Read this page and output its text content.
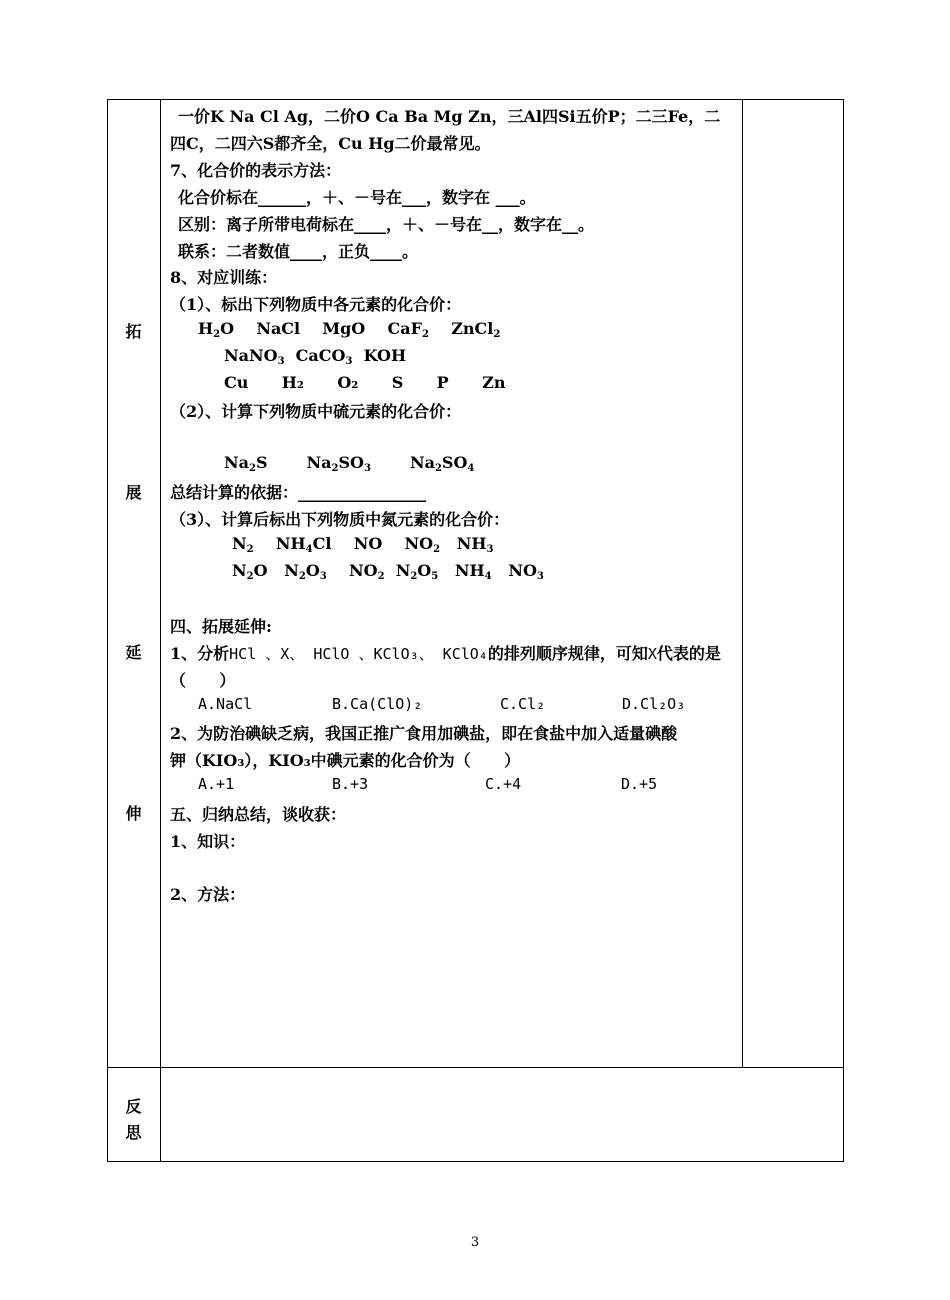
拓
展
延
伸
反
思
一价K Na Cl Ag，二价O Ca Ba Mg Zn，三Al四Si五价P；二三Fe，二
四C，二四六S都齐全，Cu Hg二价最常见。
7、化合价的表示方法：
化合价标在______，＋、－号在___，数字在 ___。
区别：离子所带电荷标在____，＋、－号在__，数字在__。
联系：二者数值____，正负____。
8、对应训练：
（1）、标出下列物质中各元素的化合价：
$H_2O$    NaCl    MgO    CaF$_2$    ZnCl$_2$
NaNO$_3$  CaCO$_3$  KOH
Cu      H₂      O₂      S      P      Zn
（2）、计算下列物质中硫元素的化合价：
$Na_2S$       $Na_2SO_3$       $Na_2SO_4$
总结计算的依据：________________
（3）、计算后标出下列物质中氮元素的化合价：
$N_2$    $NH_4Cl$    NO    $NO_2$   $NH_3$
$N_2O$   $N_2O_3$    $NO_2$  $N_2O_5$   $NH_4$   $NO_3$
四、拓展延伸:
1、分析HCl 、X、 HClO 、KClO₃、 KClO₄的排列顺序规律，可知X代表的是
（      ）
A.NaCl	B.Ca(ClO)₂	C.Cl₂	D.Cl₂O₃
2、为防治碘缺乏病，我国正推广食用加碘盐，即在食盐中加入适量碘酸
钾（KIO₃），KIO₃中碘元素的化合价为（      ）
A.+1	B.+3	C.+4	D.+5
五、归纳总结，谈收获：
1、知识：
2、方法：
3
